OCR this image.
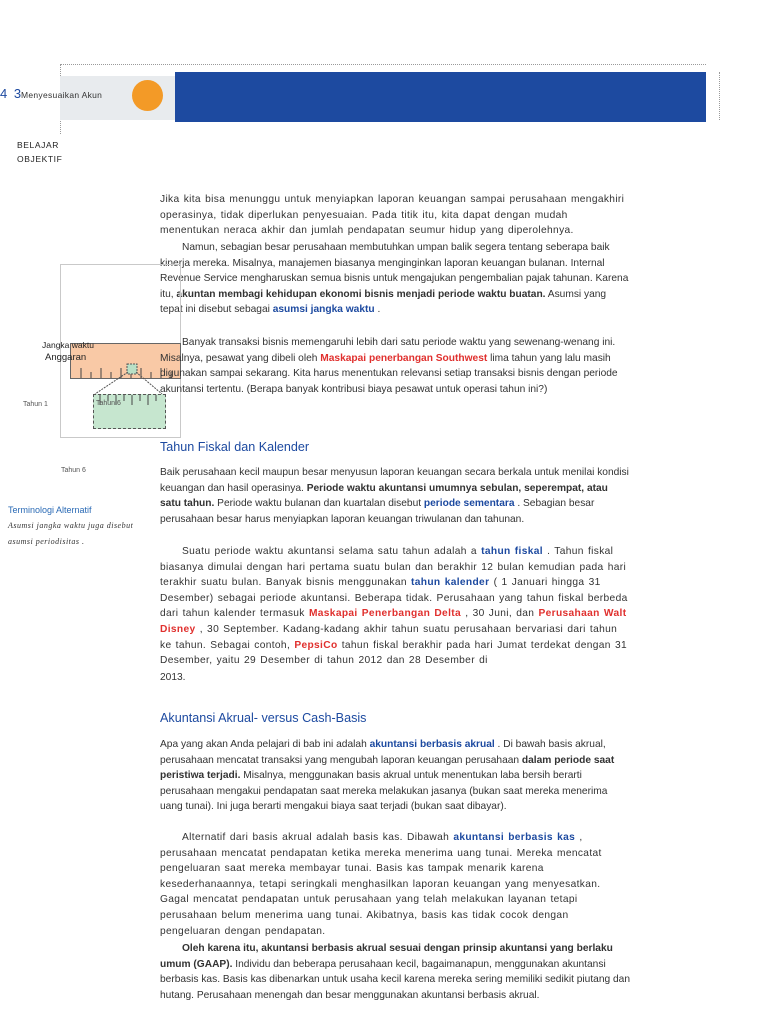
4 3
Menyesuaikan Akun
BELAJAR
OBJEKTIF

Jika kita bisa menunggu untuk menyiapkan laporan keuangan sampai perusahaan mengakhiri operasinya, tidak diperlukan penyesuaian. Pada titik itu, kita dapat dengan mudah menentukan neraca akhir dan jumlah pendapatan seumur hidup yang diperolehnya.

Namun, sebagian besar perusahaan membutuhkan umpan balik segera tentang seberapa baik kinerja mereka. Misalnya, manajemen biasanya menginginkan laporan keuangan bulanan. Internal Revenue Service mengharuskan semua bisnis untuk mengajukan pengembalian pajak tahunan. Karena itu, akuntan membagi kehidupan ekonomi bisnis menjadi periode waktu buatan. Asumsi yang tepat ini disebut sebagai asumsi jangka waktu .

Tahun 6
Jangka waktu
Anggaran
Tahun 1
Tahun 6

Banyak transaksi bisnis memengaruhi lebih dari satu periode waktu yang sewenang-wenang ini. Misalnya, pesawat yang dibeli oleh Maskapai penerbangan Southwest lima tahun yang lalu masih digunakan sampai sekarang. Kita harus menentukan relevansi setiap transaksi bisnis dengan periode akuntansi tertentu. (Berapa banyak kontribusi biaya pesawat untuk operasi tahun ini?)

Tahun Fiskal dan Kalender

Baik perusahaan kecil maupun besar menyusun laporan keuangan secara berkala untuk menilai kondisi keuangan dan hasil operasinya. Periode waktu akuntansi umumnya sebulan, seperempat, atau satu tahun. Periode waktu bulanan dan kuartalan disebut periode sementara . Sebagian besar perusahaan besar harus menyiapkan laporan keuangan triwulanan dan tahunan.

Terminologi Alternatif
Asumsi jangka waktu juga disebut asumsi periodisitas .

Suatu periode waktu akuntansi selama satu tahun adalah a tahun fiskal . Tahun fiskal biasanya dimulai dengan hari pertama suatu bulan dan berakhir 12 bulan kemudian pada hari terakhir suatu bulan. Banyak bisnis menggunakan tahun kalender ( 1 Januari hingga 31 Desember) sebagai periode akuntansi. Beberapa tidak. Perusahaan yang tahun fiskal berbeda dari tahun kalender termasuk Maskapai Penerbangan Delta , 30 Juni, dan Perusahaan Walt Disney , 30 September. Kadang-kadang akhir tahun suatu perusahaan bervariasi dari tahun ke tahun. Sebagai contoh, PepsiCo tahun fiskal berakhir pada hari Jumat terdekat dengan 31 Desember, yaitu 29 Desember di tahun 2012 dan 28 Desember di

2013.
Akuntansi Akrual- versus Cash-Basis

Apa yang akan Anda pelajari di bab ini adalah akuntansi berbasis akrual . Di bawah basis akrual, perusahaan mencatat transaksi yang mengubah laporan keuangan perusahaan dalam periode saat peristiwa terjadi. Misalnya, menggunakan basis akrual untuk menentukan laba bersih berarti perusahaan mengakui pendapatan saat mereka melakukan jasanya (bukan saat mereka menerima uang tunai). Ini juga berarti mengakui biaya saat terjadi (bukan saat dibayar).

Alternatif dari basis akrual adalah basis kas. Dibawah akuntansi berbasis kas , perusahaan mencatat pendapatan ketika mereka menerima uang tunai. Mereka mencatat pengeluaran saat mereka membayar tunai. Basis kas tampak menarik karena kesederhanaannya, tetapi seringkali menghasilkan laporan keuangan yang menyesatkan. Gagal mencatat pendapatan untuk perusahaan yang telah melakukan layanan tetapi perusahaan belum menerima uang tunai. Akibatnya, basis kas tidak cocok dengan pengeluaran dengan pendapatan.

Oleh karena itu, akuntansi berbasis akrual sesuai dengan prinsip akuntansi yang berlaku umum (GAAP). Individu dan beberapa perusahaan kecil, bagaimanapun, menggunakan akuntansi berbasis kas. Basis kas dibenarkan untuk usaha kecil karena mereka sering memiliki sedikit piutang dan hutang. Perusahaan menengah dan besar menggunakan akuntansi berbasis akrual.
